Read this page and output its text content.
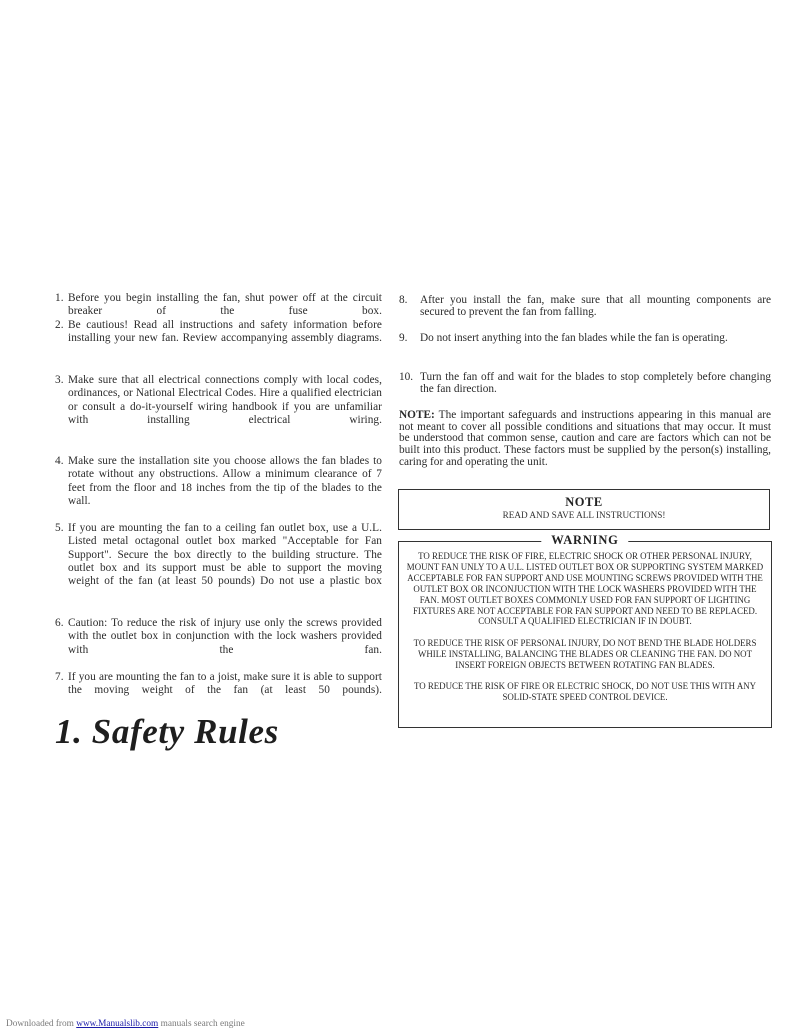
1. Before you begin installing the fan, shut power off at the circuit breaker of the fuse box.
2. Be cautious! Read all instructions and safety information before installing your new fan. Review accompanying assembly diagrams.
3. Make sure that all electrical connections comply with local codes, ordinances, or National Electrical Codes. Hire a qualified electrician or consult a do-it-yourself wiring handbook if you are unfamiliar with installing electrical wiring.
4. Make sure the installation site you choose allows the fan blades to rotate without any obstructions. Allow a minimum clearance of 7 feet from the floor and 18 inches from the tip of the blades to the wall.
5. If you are mounting the fan to a ceiling fan outlet box, use a U.L. Listed metal octagonal outlet box marked "Acceptable for Fan Support". Secure the box directly to the building structure. The outlet box and its support must be able to support the moving weight of the fan (at least 50 pounds) Do not use a plastic box
6. Caution: To reduce the risk of injury use only the screws provided with the outlet box in conjunction with the lock washers provided with the fan.
7. If you are mounting the fan to a joist, make sure it is able to support the moving weight of the fan (at least 50 pounds).
1. Safety Rules
8. After you install the fan, make sure that all mounting components are secured to prevent the fan from falling.
9. Do not insert anything into the fan blades while the fan is operating.
10. Turn the fan off and wait for the blades to stop completely before changing the fan direction.
NOTE: The important safeguards and instructions appearing in this manual are not meant to cover all possible conditions and situations that may occur. It must be understood that common sense, caution and care are factors which can not be built into this product. These factors must be supplied by the person(s) installing, caring for and operating the unit.
NOTE
READ AND SAVE ALL INSTRUCTIONS!
WARNING
TO REDUCE THE RISK OF FIRE, ELECTRIC SHOCK OR OTHER PERSONAL INJURY, MOUNT FAN UNLY TO A U.L. LISTED OUTLET BOX OR SUPPORTING SYSTEM MARKED ACCEPTABLE FOR FAN SUPPORT AND USE MOUNTING SCREWS PROVIDED WITH THE OUTLET BOX OR INCONJUCTION WITH THE LOCK WASHERS PROVIDED WITH THE FAN. MOST OUTLET BOXES COMMONLY USED FOR FAN SUPPORT OF LIGHTING FIXTURES ARE NOT ACCEPTABLE FOR FAN SUPPORT AND NEED TO BE REPLACED. CONSULT A QUALIFIED ELECTRICIAN IF IN DOUBT.
TO REDUCE THE RISK OF PERSONAL INJURY, DO NOT BEND THE BLADE HOLDERS WHILE INSTALLING, BALANCING THE BLADES OR CLEANING THE FAN. DO NOT INSERT FOREIGN OBJECTS BETWEEN ROTATING FAN BLADES.
TO REDUCE THE RISK OF FIRE OR ELECTRIC SHOCK, DO NOT USE THIS WITH ANY SOLID-STATE SPEED CONTROL DEVICE.
Downloaded from www.Manualslib.com manuals search engine
